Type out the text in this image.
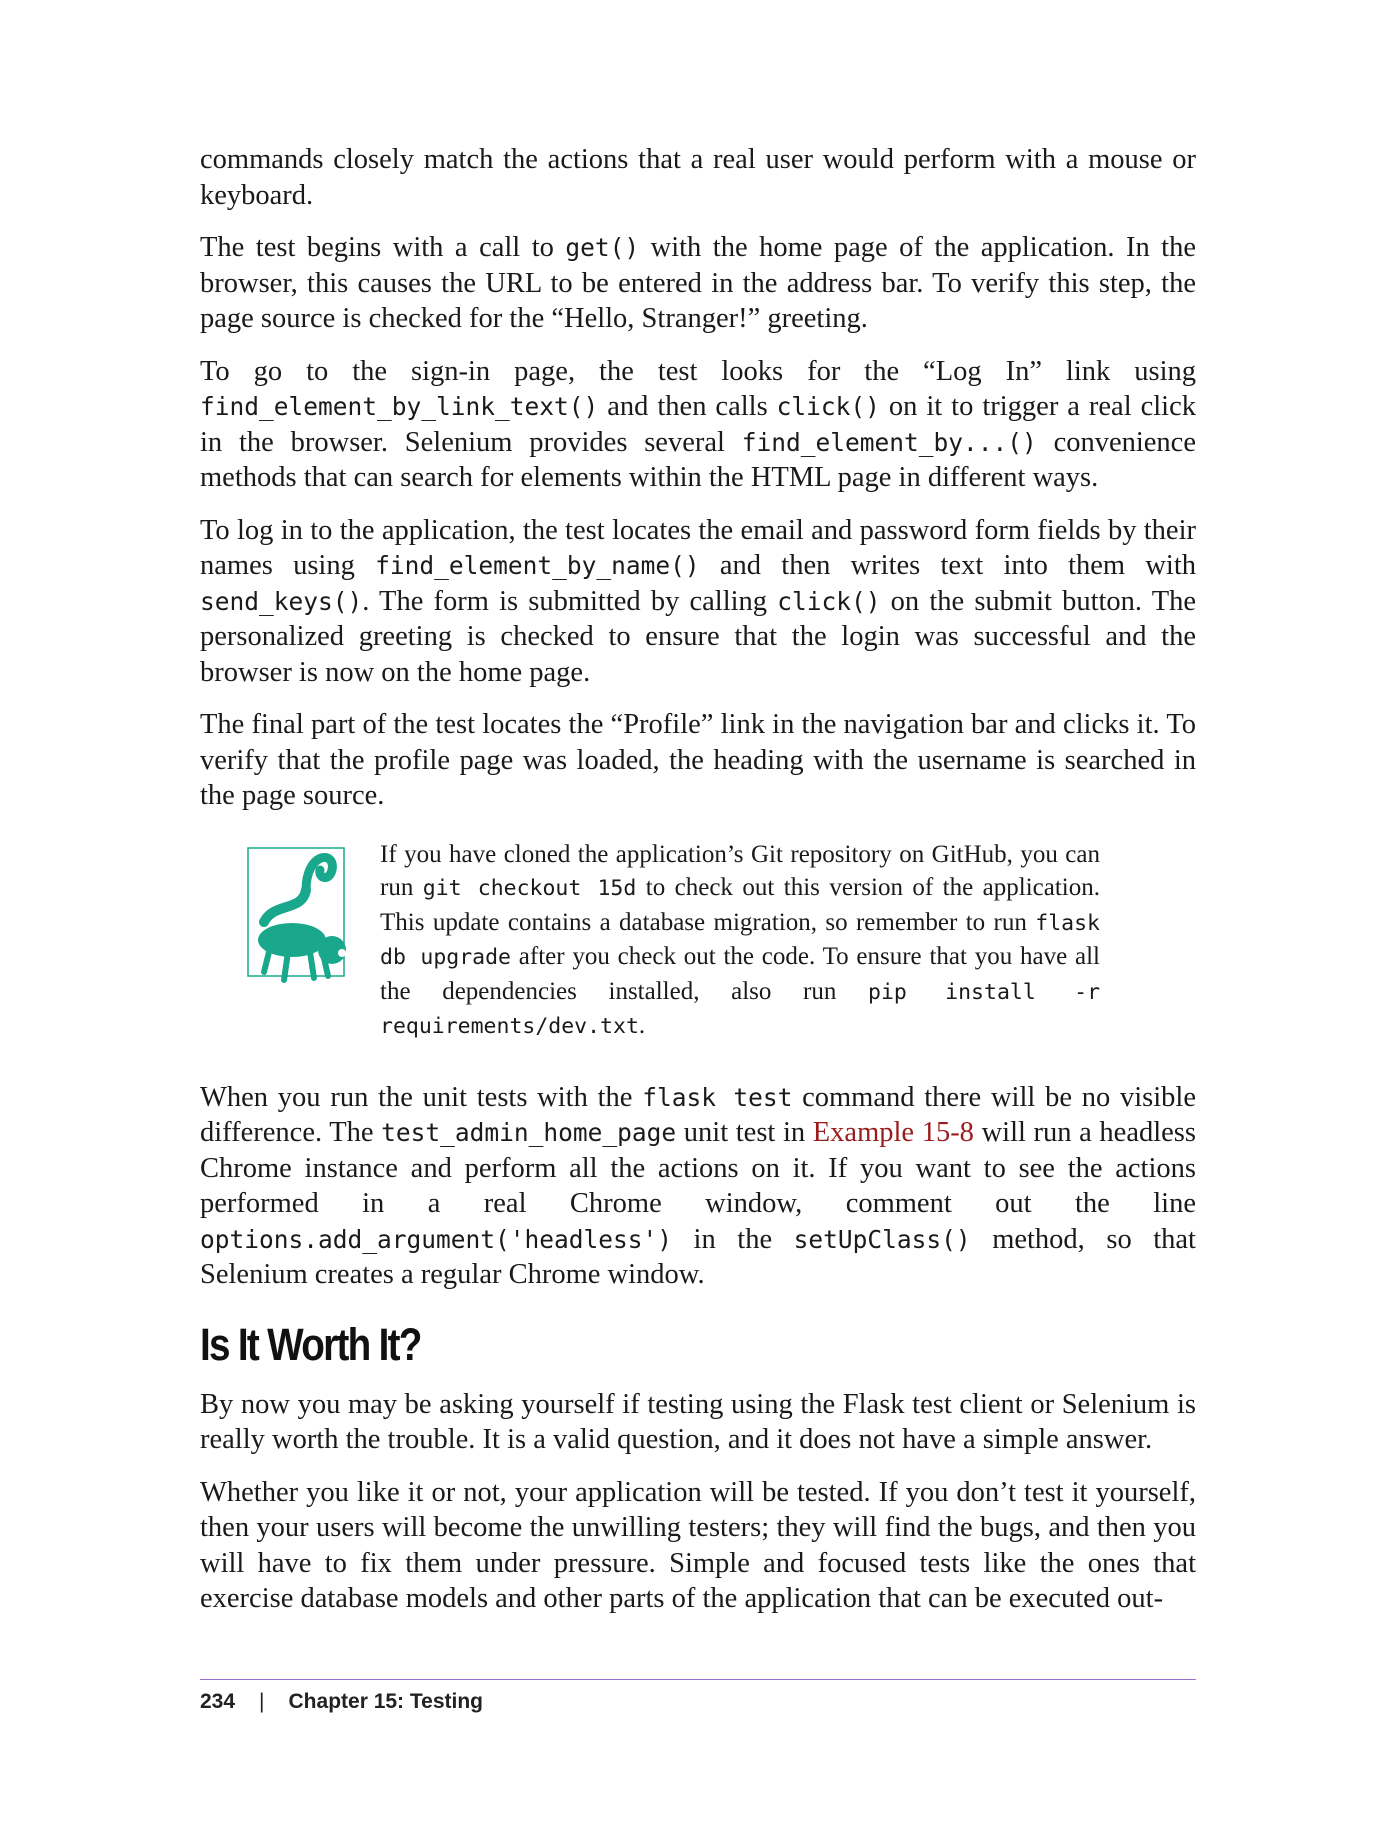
commands closely match the actions that a real user would perform with a mouse or keyboard.

The test begins with a call to get() with the home page of the application. In the browser, this causes the URL to be entered in the address bar. To verify this step, the page source is checked for the “Hello, Stranger!” greeting.

To go to the sign-in page, the test looks for the “Log In” link using find_element_by_link_text() and then calls click() on it to trigger a real click in the browser. Selenium provides several find_element_by...() convenience methods that can search for elements within the HTML page in different ways.

To log in to the application, the test locates the email and password form fields by their names using find_element_by_name() and then writes text into them with send_keys(). The form is submitted by calling click() on the submit button. The personalized greeting is checked to ensure that the login was successful and the browser is now on the home page.

The final part of the test locates the “Profile” link in the navigation bar and clicks it. To verify that the profile page was loaded, the heading with the username is searched in the page source.

If you have cloned the application’s Git repository on GitHub, you can run git checkout 15d to check out this version of the application. This update contains a database migration, so remember to run flask db upgrade after you check out the code. To ensure that you have all the dependencies installed, also run pip install -r requirements/dev.txt.

When you run the unit tests with the flask test command there will be no visible difference. The test_admin_home_page unit test in Example 15-8 will run a headless Chrome instance and perform all the actions on it. If you want to see the actions performed in a real Chrome window, comment out the line options.add_argument('headless') in the setUpClass() method, so that Selenium creates a regular Chrome window.

Is It Worth It?

By now you may be asking yourself if testing using the Flask test client or Selenium is really worth the trouble. It is a valid question, and it does not have a simple answer.

Whether you like it or not, your application will be tested. If you don’t test it yourself, then your users will become the unwilling testers; they will find the bugs, and then you will have to fix them under pressure. Simple and focused tests like the ones that exercise database models and other parts of the application that can be executed out-

234 | Chapter 15: Testing
